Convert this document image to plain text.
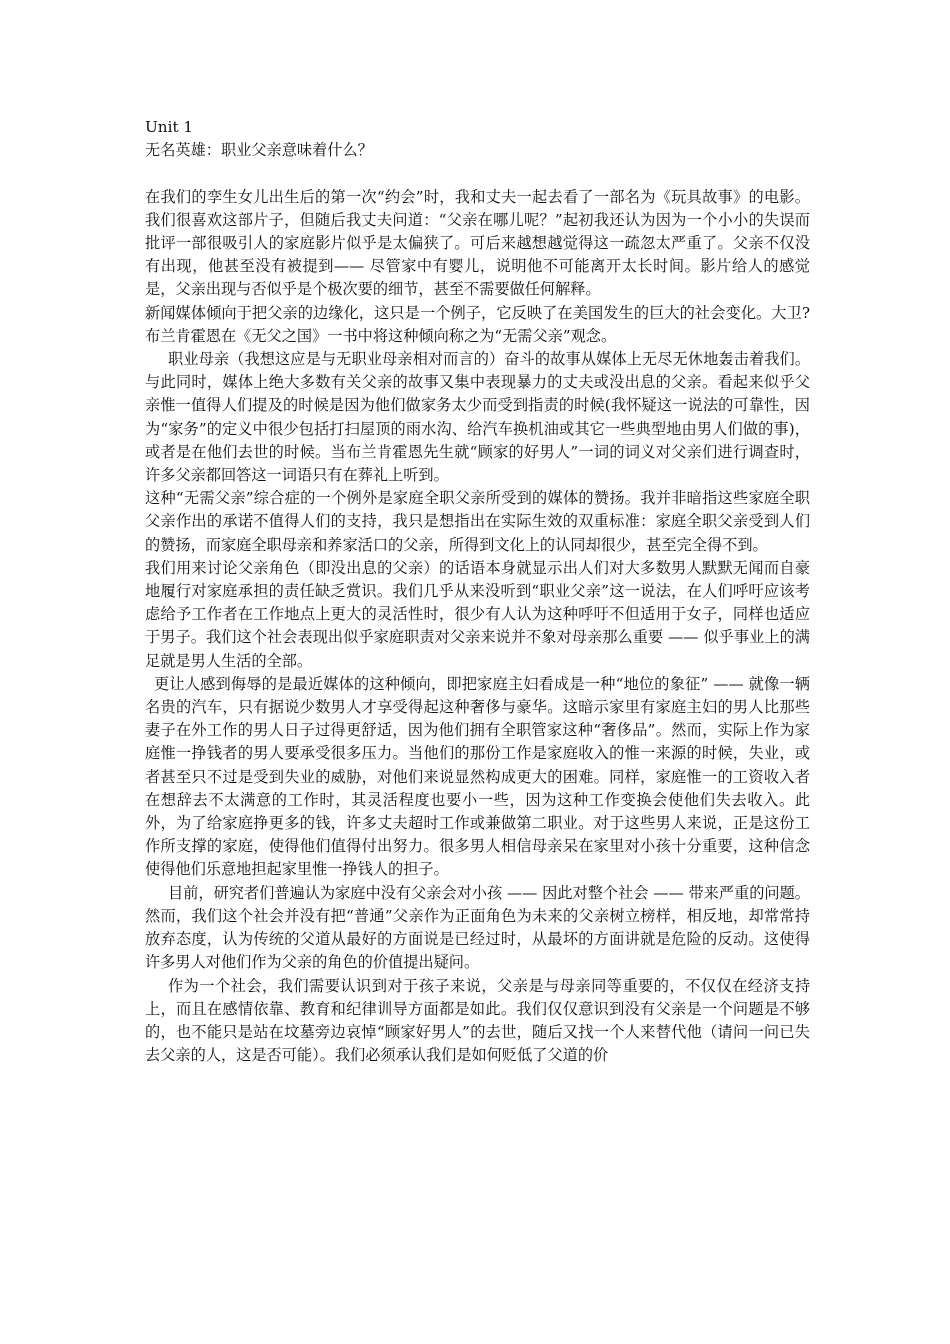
Unit 1

无名英雄：职业父亲意味着什么？

在我们的孪生女儿出生后的第一次“约会”时，我和丈夫一起去看了一部名为《玩具故事》的电影。我们很喜欢这部片子，但随后我丈夫问道：“父亲在哪儿呢？”起初我还认为因为一个小小的失误而批评一部很吸引人的家庭影片似乎是太偏狭了。可后来越想越觉得这一疏忽太严重了。父亲不仅没有出现，他甚至没有被提到—— 尽管家中有婴儿，说明他不可能离开太长时间。影片给人的感觉是，父亲出现与否似乎是个极次要的细节，甚至不需要做任何解释。

新闻媒体倾向于把父亲的边缘化，这只是一个例子，它反映了在美国发生的巨大的社会变化。大卫?布兰肯霍恩在《无父之国》一书中将这种倾向称之为“无需父亲”观念。

职业母亲（我想这应是与无职业母亲相对而言的）奋斗的故事从媒体上无尽无休地轰击着我们。与此同时，媒体上绝大多数有关父亲的故事又集中表现暴力的丈夫或没出息的父亲。看起来似乎父亲惟一值得人们提及的时候是因为他们做家务太少而受到指责的时候(我怀疑这一说法的可靠性，因为“家务”的定义中很少包括打扫屋顶的雨水沟、给汽车换机油或其它一些典型地由男人们做的事)，或者是在他们去世的时候。当布兰肯霍恩先生就“顾家的好男人”一词的词义对父亲们进行调查时，许多父亲都回答这一词语只有在葬礼上听到。

这种“无需父亲”综合症的一个例外是家庭全职父亲所受到的媒体的赞扬。我并非暗指这些家庭全职父亲作出的承诺不值得人们的支持，我只是想指出在实际生效的双重标准：家庭全职父亲受到人们的赞扬，而家庭全职母亲和养家活口的父亲，所得到文化上的认同却很少，甚至完全得不到。

我们用来讨论父亲角色（即没出息的父亲）的话语本身就显示出人们对大多数男人默默无闻而自豪地履行对家庭承担的责任缺乏赏识。我们几乎从来没听到“职业父亲”这一说法，在人们呼吁应该考虑给予工作者在工作地点上更大的灵活性时，很少有人认为这种呼吁不但适用于女子，同样也适应于男子。我们这个社会表现出似乎家庭职责对父亲来说并不象对母亲那么重要 —— 似乎事业上的满足就是男人生活的全部。

更让人感到侮辱的是最近媒体的这种倾向，即把家庭主妇看成是一种“地位的象征” —— 就像一辆名贵的汽车，只有据说少数男人才享受得起这种奢侈与豪华。这暗示家里有家庭主妇的男人比那些妻子在外工作的男人日子过得更舒适，因为他们拥有全职管家这种“奢侈品”。然而，实际上作为家庭惟一挣钱者的男人要承受很多压力。当他们的那份工作是家庭收入的惟一来源的时候，失业，或者甚至只不过是受到失业的威胁，对他们来说显然构成更大的困难。同样，家庭惟一的工资收入者在想辞去不太满意的工作时，其灵活程度也要小一些，因为这种工作变换会使他们失去收入。此外，为了给家庭挣更多的钱，许多丈夫超时工作或兼做第二职业。对于这些男人来说，正是这份工作所支撑的家庭，使得他们值得付出努力。很多男人相信母亲呆在家里对小孩十分重要，这种信念使得他们乐意地担起家里惟一挣钱人的担子。

目前，研究者们普遍认为家庭中没有父亲会对小孩 —— 因此对整个社会 —— 带来严重的问题。然而，我们这个社会并没有把“普通”父亲作为正面角色为未来的父亲树立榜样，相反地，却常常持放弃态度，认为传统的父道从最好的方面说是已经过时，从最坏的方面讲就是危险的反动。这使得许多男人对他们作为父亲的角色的价值提出疑问。

作为一个社会，我们需要认识到对于孩子来说，父亲是与母亲同等重要的，不仅仅在经济支持上，而且在感情依靠、教育和纪律训导方面都是如此。我们仅仅意识到没有父亲是一个问题是不够的，也不能只是站在坟墓旁边哀悼“顾家好男人”的去世，随后又找一个人来替代他（请问一问已失去父亲的人，这是否可能）。我们必须承认我们是如何贬低了父道的价
